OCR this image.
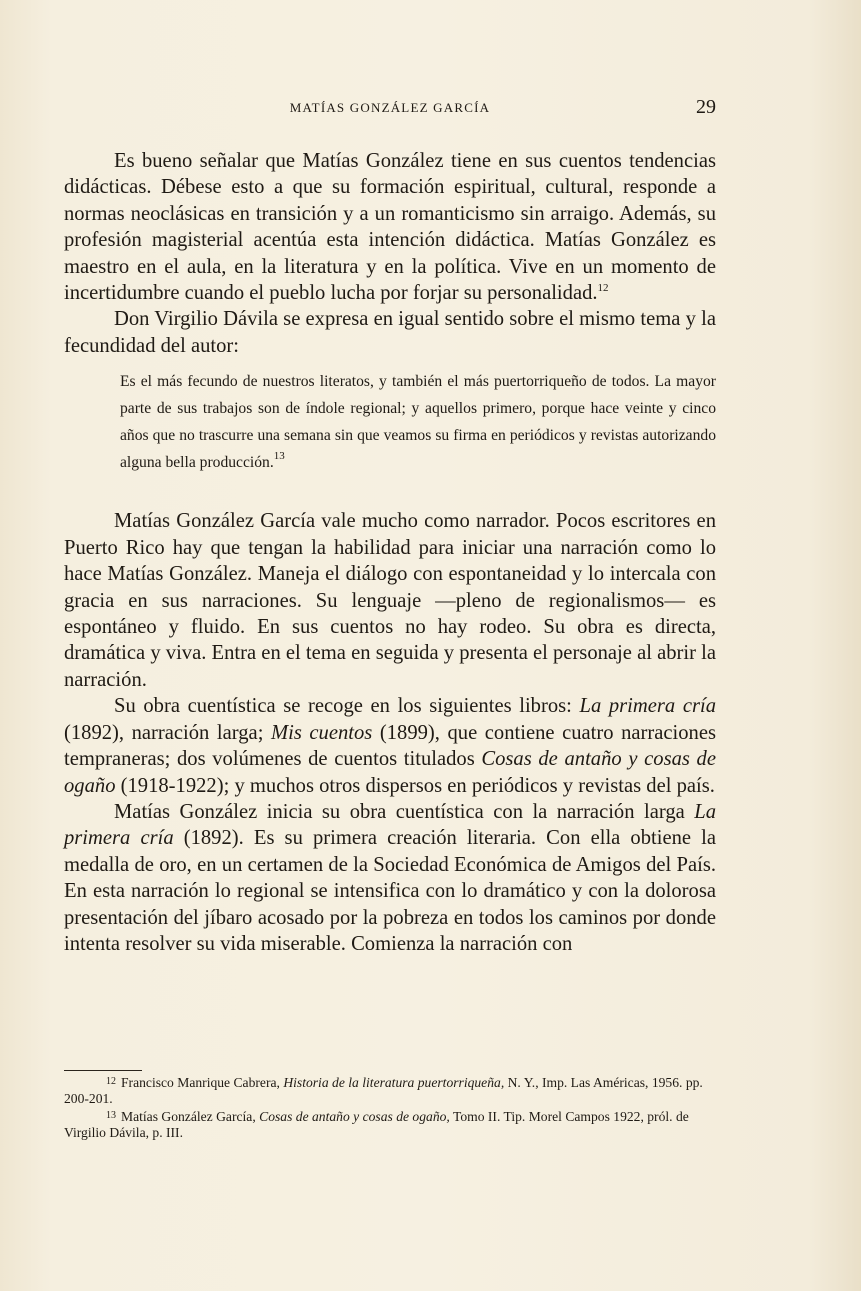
MATÍAS GONZÁLEZ GARCÍA	29

Es bueno señalar que Matías González tiene en sus cuentos tendencias didácticas. Débese esto a que su formación espiritual, cultural, responde a normas neoclásicas en transición y a un romanticismo sin arraigo. Además, su profesión magisterial acentúa esta intención didáctica. Matías González es maestro en el aula, en la literatura y en la política. Vive en un momento de incertidumbre cuando el pueblo lucha por forjar su personalidad.$^{12}$

Don Virgilio Dávila se expresa en igual sentido sobre el mismo tema y la fecundidad del autor:

Es el más fecundo de nuestros literatos, y también el más puertorriqueño de todos. La mayor parte de sus trabajos son de índole regional; y aquellos primero, porque hace veinte y cinco años que no trascurre una semana sin que veamos su firma en periódicos y revistas autorizando alguna bella producción.$^{13}$

Matías González García vale mucho como narrador. Pocos escritores en Puerto Rico hay que tengan la habilidad para iniciar una narración como lo hace Matías González. Maneja el diálogo con espontaneidad y lo intercala con gracia en sus narraciones. Su lenguaje —pleno de regionalismos— es espontáneo y fluido. En sus cuentos no hay rodeo. Su obra es directa, dramática y viva. Entra en el tema en seguida y presenta el personaje al abrir la narración.

Su obra cuentística se recoge en los siguientes libros: La primera cría (1892), narración larga; Mis cuentos (1899), que contiene cuatro narraciones tempraneras; dos volúmenes de cuentos titulados Cosas de antaño y cosas de ogaño (1918-1922); y muchos otros dispersos en periódicos y revistas del país.

Matías González inicia su obra cuentística con la narración larga La primera cría (1892). Es su primera creación literaria. Con ella obtiene la medalla de oro, en un certamen de la Sociedad Económica de Amigos del País. En esta narración lo regional se intensifica con lo dramático y con la dolorosa presentación del jíbaro acosado por la pobreza en todos los caminos por donde intenta resolver su vida miserable. Comienza la narración con

$^{12}$ Francisco Manrique Cabrera, Historia de la literatura puertorriqueña, N. Y., Imp. Las Américas, 1956. pp. 200-201.

$^{13}$ Matías González García, Cosas de antaño y cosas de ogaño, Tomo II. Tip. Morel Campos 1922, pról. de Virgilio Dávila, p. III.
